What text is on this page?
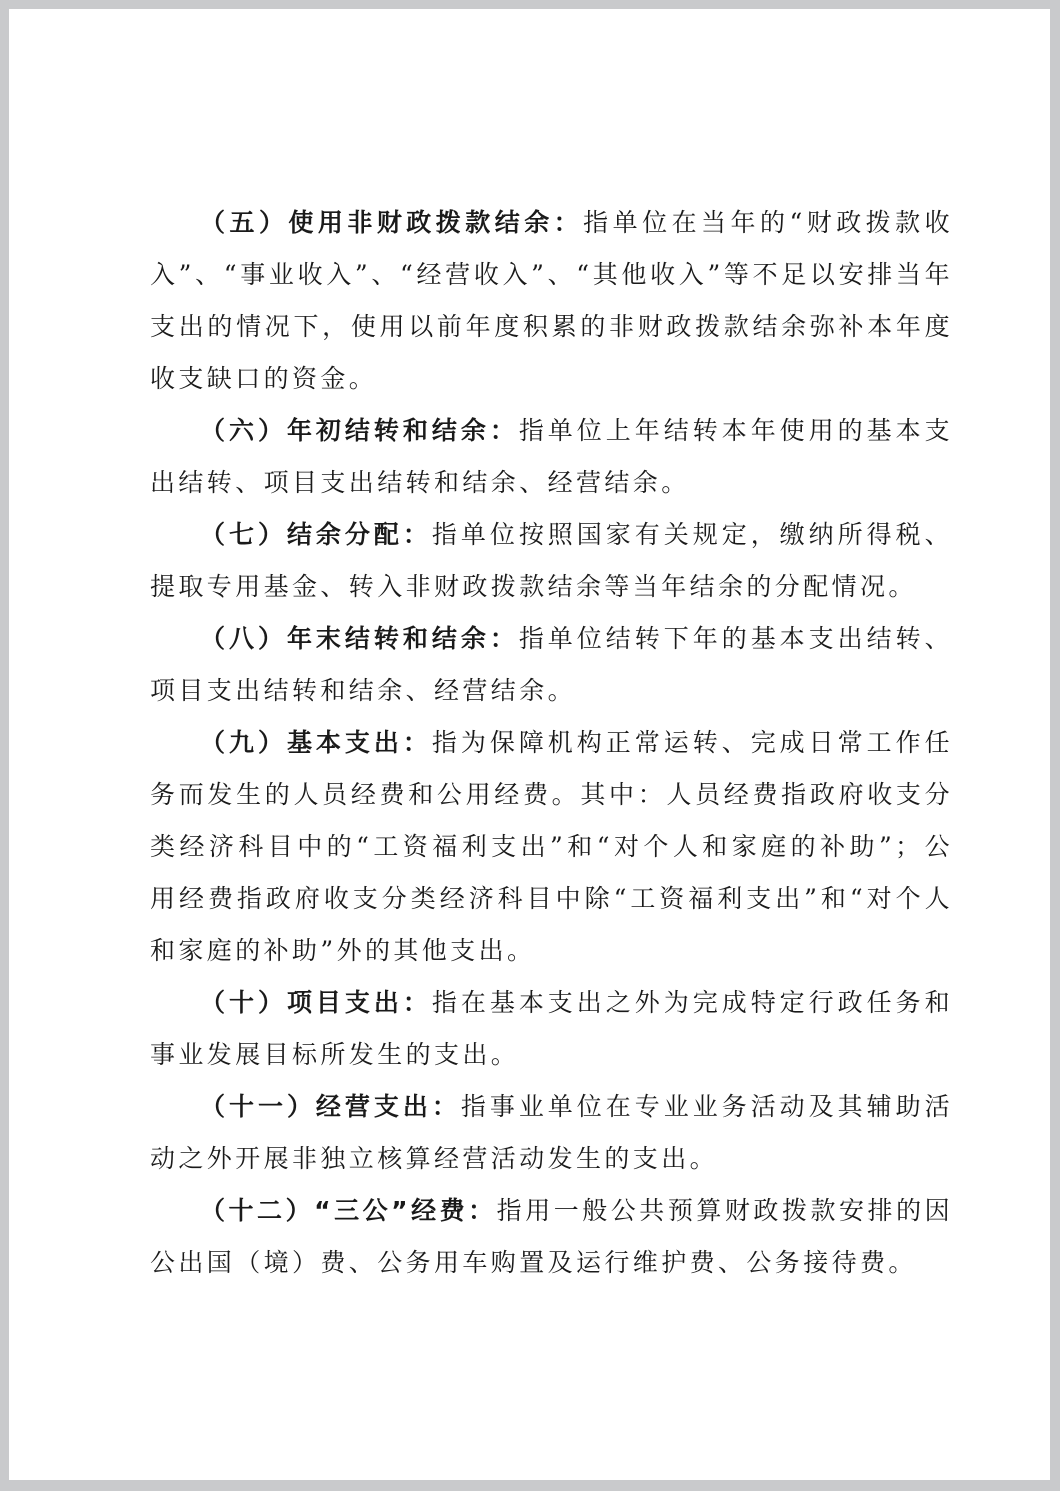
（五）使用非财政拨款结余：指单位在当年的“财政拨款收入”、“事业收入”、“经营收入”、“其他收入”等不足以安排当年支出的情况下，使用以前年度积累的非财政拨款结余弥补本年度收支缺口的资金。

（六）年初结转和结余：指单位上年结转本年使用的基本支出结转、项目支出结转和结余、经营结余。

（七）结余分配：指单位按照国家有关规定，缴纳所得税、提取专用基金、转入非财政拨款结余等当年结余的分配情况。

（八）年末结转和结余：指单位结转下年的基本支出结转、项目支出结转和结余、经营结余。

（九）基本支出：指为保障机构正常运转、完成日常工作任务而发生的人员经费和公用经费。其中：人员经费指政府收支分类经济科目中的“工资福利支出”和“对个人和家庭的补助”；公用经费指政府收支分类经济科目中除“工资福利支出”和“对个人和家庭的补助”外的其他支出。

（十）项目支出：指在基本支出之外为完成特定行政任务和事业发展目标所发生的支出。

（十一）经营支出：指事业单位在专业业务活动及其辅助活动之外开展非独立核算经营活动发生的支出。

（十二）“三公”经费：指用一般公共预算财政拨款安排的因公出国（境）费、公务用车购置及运行维护费、公务接待费。
